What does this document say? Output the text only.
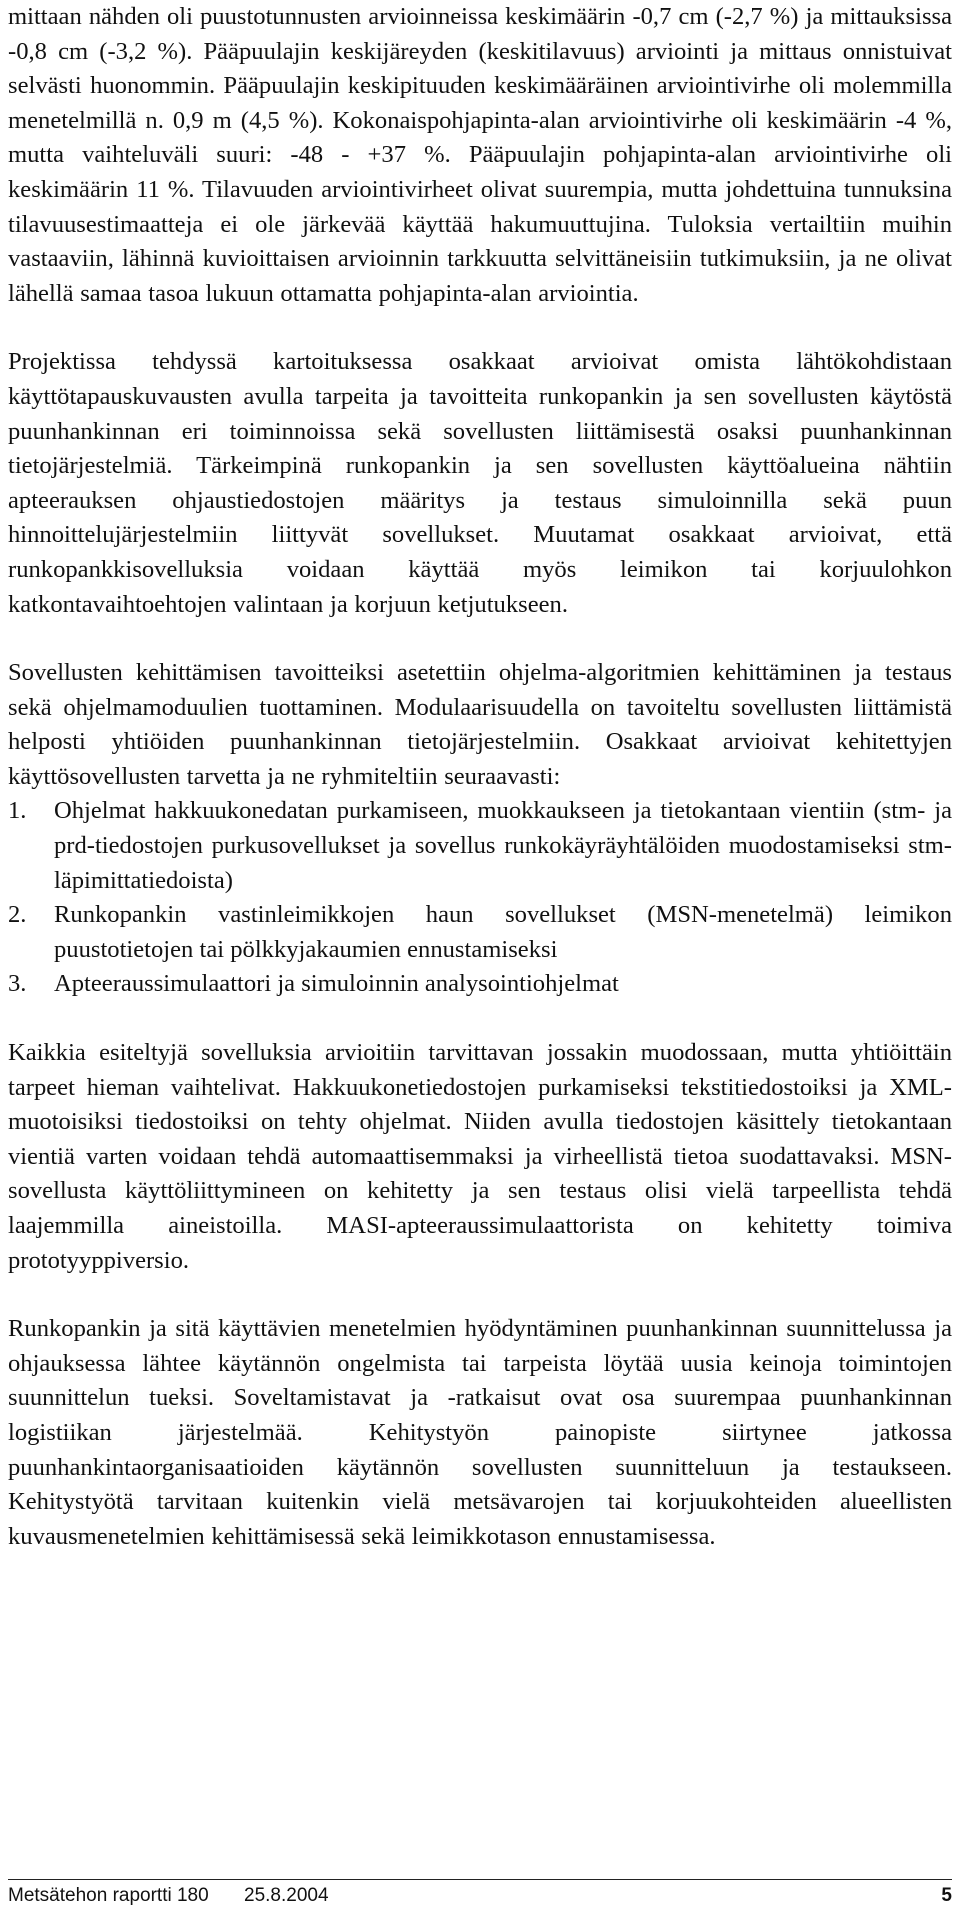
mittaan nähden oli puustotunnusten arvioinneissa keskimäärin -0,7 cm (-2,7 %) ja mittauksissa -0,8 cm (-3,2 %). Pääpuulajin keskijäreyden (keskitilavuus) arviointi ja mittaus onnistuivat selvästi huonommin. Pääpuulajin keskipituuden keskimääräinen arviointivirhe oli molemmilla menetelmillä n. 0,9 m (4,5 %). Kokonaispohjapinta-alan arviointivirhe oli keskimäärin -4 %, mutta vaihteluväli suuri: -48 - +37 %. Pääpuulajin pohjapinta-alan arviointivirhe oli keskimäärin 11 %. Tilavuuden arviointivirheet olivat suurempia, mutta johdettuina tunnuksina tilavuusestimaatteja ei ole järkevää käyttää hakumuuttujina. Tuloksia vertailtiin muihin vastaaviin, lähinnä kuvioittaisen arvioinnin tarkkuutta selvittäneisiin tutkimuksiin, ja ne olivat lähellä samaa tasoa lukuun ottamatta pohjapinta-alan arviointia.

Projektissa tehdyssä kartoituksessa osakkaat arvioivat omista lähtökohdistaan käyttötapauskuvausten avulla tarpeita ja tavoitteita runkopankin ja sen sovellusten käytöstä puunhankinnan eri toiminnoissa sekä sovellusten liittämisestä osaksi puunhankinnan tietojärjestelmiä. Tärkeimpinä runkopankin ja sen sovellusten käyttöalueina nähtiin apteerauksen ohjaustiedostojen määritys ja testaus simuloinnilla sekä puun hinnoittelujärjestelmiin liittyvät sovellukset. Muutamat osakkaat arvioivat, että runkopankkisovelluksia voidaan käyttää myös leimikon tai korjuulohkon katkontavaihtoehtojen valintaan ja korjuun ketjutukseen.

Sovellusten kehittämisen tavoitteiksi asetettiin ohjelma-algoritmien kehittäminen ja testaus sekä ohjelmamoduulien tuottaminen. Modulaarisuudella on tavoiteltu sovellusten liittämistä helposti yhtiöiden puunhankinnan tietojärjestelmiin. Osakkaat arvioivat kehitettyjen käyttösovellusten tarvetta ja ne ryhmiteltiin seuraavasti:

1. Ohjelmat hakkuukonedatan purkamiseen, muokkaukseen ja tietokantaan vientiin (stm- ja prd-tiedostojen purkusovellukset ja sovellus runkokäyräyhtälöiden muodostamiseksi stm-läpimittatiedoista)
2. Runkopankin vastinleimikkojen haun sovellukset (MSN-menetelmä) leimikon puustotietojen tai pölkkyjakaumien ennustamiseksi
3. Apteeraussimulaattori ja simuloinnin analysointiohjelmat

Kaikkia esiteltyjä sovelluksia arvioitiin tarvittavan jossakin muodossaan, mutta yhtiöittäin tarpeet hieman vaihtelivat. Hakkuukonetiedostojen purkamiseksi tekstitiedostoiksi ja XML-muotoisiksi tiedostoiksi on tehty ohjelmat. Niiden avulla tiedostojen käsittely tietokantaan vientiä varten voidaan tehdä automaattisemmaksi ja virheellistä tietoa suodattavaksi. MSN-sovellusta käyttöliittymineen on kehitetty ja sen testaus olisi vielä tarpeellista tehdä laajemmilla aineistoilla. MASI-apteeraussimulaattorista on kehitetty toimiva prototyyppiversio.

Runkopankin ja sitä käyttävien menetelmien hyödyntäminen puunhankinnan suunnittelussa ja ohjauksessa lähtee käytännön ongelmista tai tarpeista löytää uusia keinoja toimintojen suunnittelun tueksi. Soveltamistavat ja -ratkaisut ovat osa suurempaa puunhankinnan logistiikan järjestelmää. Kehitystyön painopiste siirtynee jatkossa puunhankintaorganisaatioiden käytännön sovellusten suunnitteluun ja testaukseen. Kehitystyötä tarvitaan kuitenkin vielä metsävarojen tai korjuukohteiden alueellisten kuvausmenetelmien kehittämisessä sekä leimikkotason ennustamisessa.

Metsätehon raportti 180 25.8.2004	5
